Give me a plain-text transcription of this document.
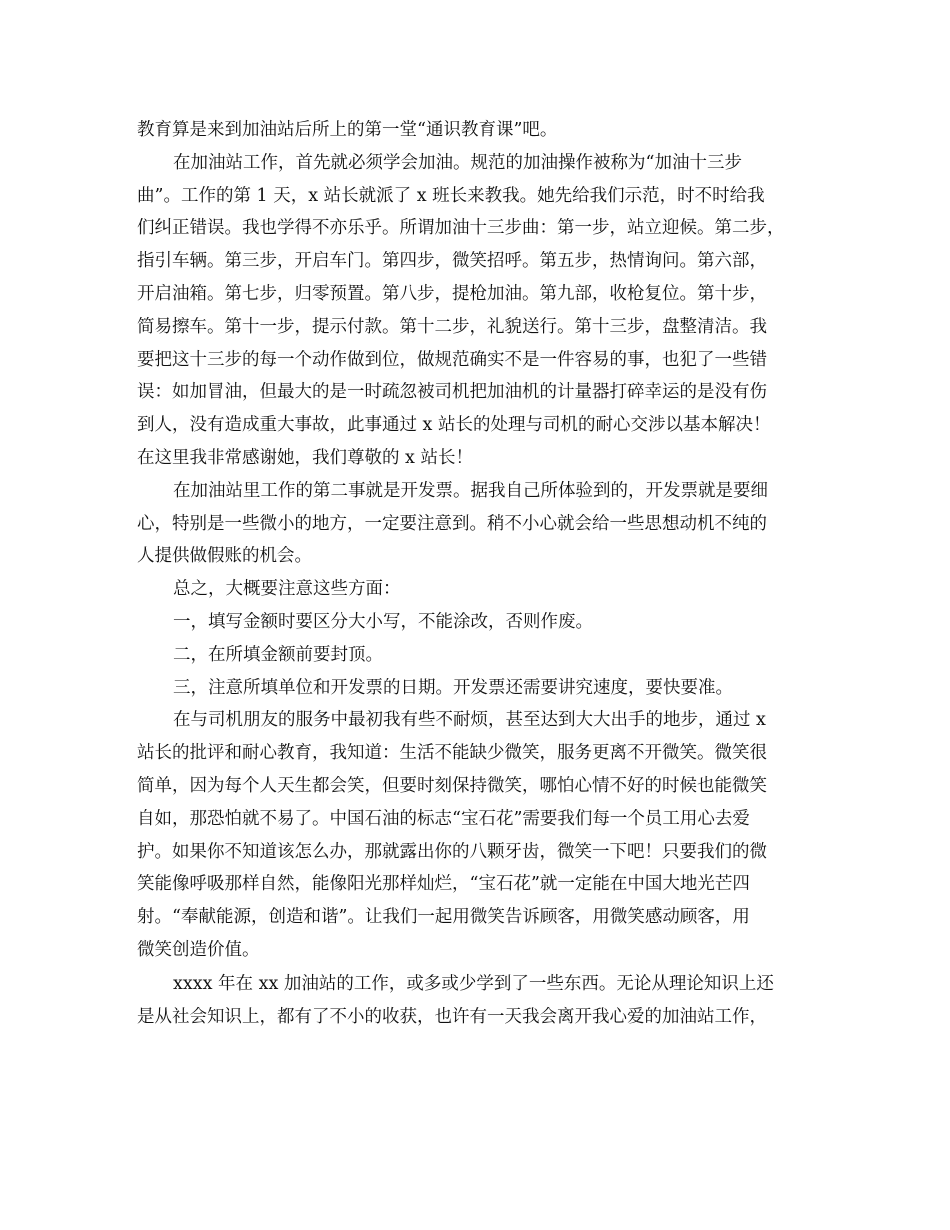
教育算是来到加油站后所上的第一堂“通识教育课”吧。
在加油站工作，首先就必须学会加油。规范的加油操作被称为“加油十三步
曲”。工作的第 1 天，x 站长就派了 x 班长来教我。她先给我们示范，时不时给我
们纠正错误。我也学得不亦乐乎。所谓加油十三步曲：第一步，站立迎候。第二步，
指引车辆。第三步，开启车门。第四步，微笑招呼。第五步，热情询问。第六部，
开启油箱。第七步，归零预置。第八步，提枪加油。第九部，收枪复位。第十步，
简易擦车。第十一步，提示付款。第十二步，礼貌送行。第十三步，盘整清洁。我
要把这十三步的每一个动作做到位，做规范确实不是一件容易的事，也犯了一些错
误：如加冒油，但最大的是一时疏忽被司机把加油机的计量器打碎幸运的是没有伤
到人，没有造成重大事故，此事通过 x 站长的处理与司机的耐心交涉以基本解决！
在这里我非常感谢她，我们尊敬的 x 站长！
在加油站里工作的第二事就是开发票。据我自己所体验到的，开发票就是要细
心，特别是一些微小的地方，一定要注意到。稍不小心就会给一些思想动机不纯的
人提供做假账的机会。
总之，大概要注意这些方面：
一，填写金额时要区分大小写，不能涂改，否则作废。
二，在所填金额前要封顶。
三，注意所填单位和开发票的日期。开发票还需要讲究速度，要快要准。
在与司机朋友的服务中最初我有些不耐烦，甚至达到大大出手的地步，通过 x
站长的批评和耐心教育，我知道：生活不能缺少微笑，服务更离不开微笑。微笑很
简单，因为每个人天生都会笑，但要时刻保持微笑，哪怕心情不好的时候也能微笑
自如，那恐怕就不易了。中国石油的标志“宝石花”需要我们每一个员工用心去爱
护。如果你不知道该怎么办，那就露出你的八颗牙齿，微笑一下吧！只要我们的微
笑能像呼吸那样自然，能像阳光那样灿烂，“宝石花”就一定能在中国大地光芒四
射。“奉献能源，创造和谐”。让我们一起用微笑告诉顾客，用微笑感动顾客，用
微笑创造价值。
xxxx 年在 xx 加油站的工作，或多或少学到了一些东西。无论从理论知识上还
是从社会知识上，都有了不小的收获，也许有一天我会离开我心爱的加油站工作，
